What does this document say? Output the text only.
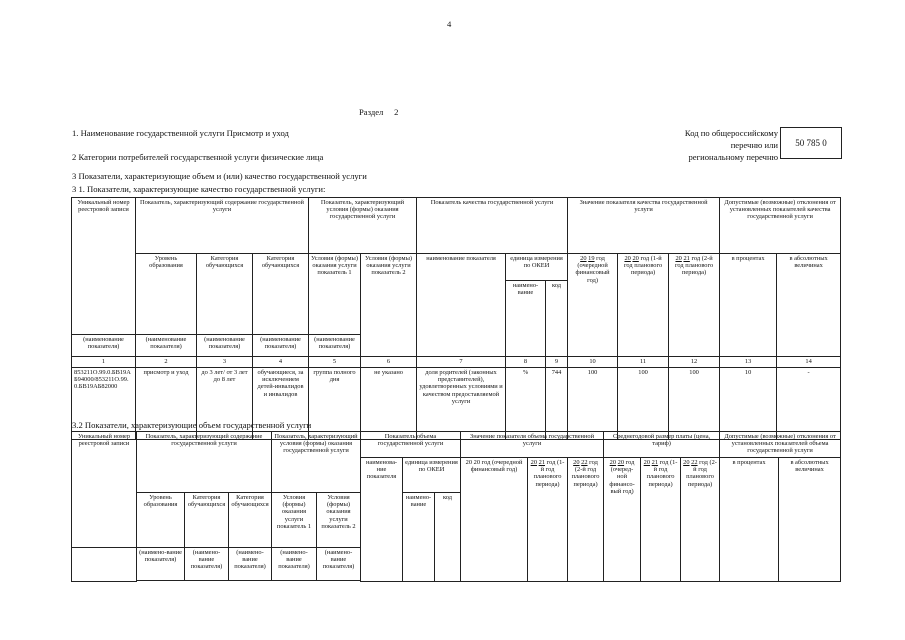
4
Раздел 2
1. Наименование государственной услуги Присмотр и уход
2 Категории потребителей государственной услуги физические лица
Код по общероссийскому
перечню или
региональному перечню
50 785 0
3 Показатели, характеризующие объем и (или) качество государственной услуги
3 1. Показатели, характеризующие качество государственной услуги:
Уникальный номер реестровой записи	Показатель, характеризующий содержание государственной услуги			Показатель, характеризующий условия (формы) оказания государственной услуги		Показатель качества государственной услуги			Значение показателя качества государственной услуги			Допустимые (возможные) отклонения от установленных показателей качества государственной услуги	
	Уровень образования	Категория обучающихся	Категория обучающихся	Условия (формы) оказания услуги показатель 1	Условия (формы) оказания услуги показатель 2	наименование показателя	единица измерения по ОКЕИ		20 19 год (очередной финансовый год)	20 20 год (1-й год планового периода)	20 21 год (2-й год планового периода)	в процентах	в абсолютных величинах
							наимено-вание	код					
(наименование показателя)	(наименование показателя)	(наименование показателя)	(наименование показателя)	(наименование показателя)									
1	2	3	4	5	6	7	8	9	10	11	12	13	14
853211О.99.0.БВ19АБ94000/853211О.99.0.БВ19АБ82000	присмотр и уход	до 3 лет/ от 3 лет до 8 лет	обучающиеся, за исключением детей-инвалидов и инвалидов	группа полного дня	не указано	доля родителей (законных представителей), удовлетворенных условиями и качеством предоставляемой услуги	%	744	100	100	100	10	-
3.2 Показатели, характеризующие объем государственной услуги
Уникальный номер реестровой записи	Показатель, характеризующий содержание государственной услуги			Показатель, характеризующий условия (формы) оказания государственной услуги		Показатель объема государственной услуги			Значение показателя объема государственной услуги			Среднегодовой размер платы (цена, тариф)			Допустимые (возможные) отклонения от установленных показателей объема государственной услуги	
						наименова-ние показателя	единица измерения по ОКЕИ		20 20 год (очередной финансовый год)	20 21 год (1-й год планового периода)	20 22 год (2-й год планового периода)	20 20 год (очеред-ной финансо-вый год)	20 21 год (1-й год планового периода)	20 22 год (2-й год планового периода)	в процентах	в абсолютных величинах
	Уровень образования	Категория обучающихся	Категория обучающихся	Условия (формы) оказания услуги показатель 1	Условия (формы) оказания услуги показатель 2		наимено-вание	код								
	(наимено-вание показателя)	(наимено-вание показателя)	(наимено-вание показателя)	(наимено-вание показателя)	(наимено-вание показателя)											
